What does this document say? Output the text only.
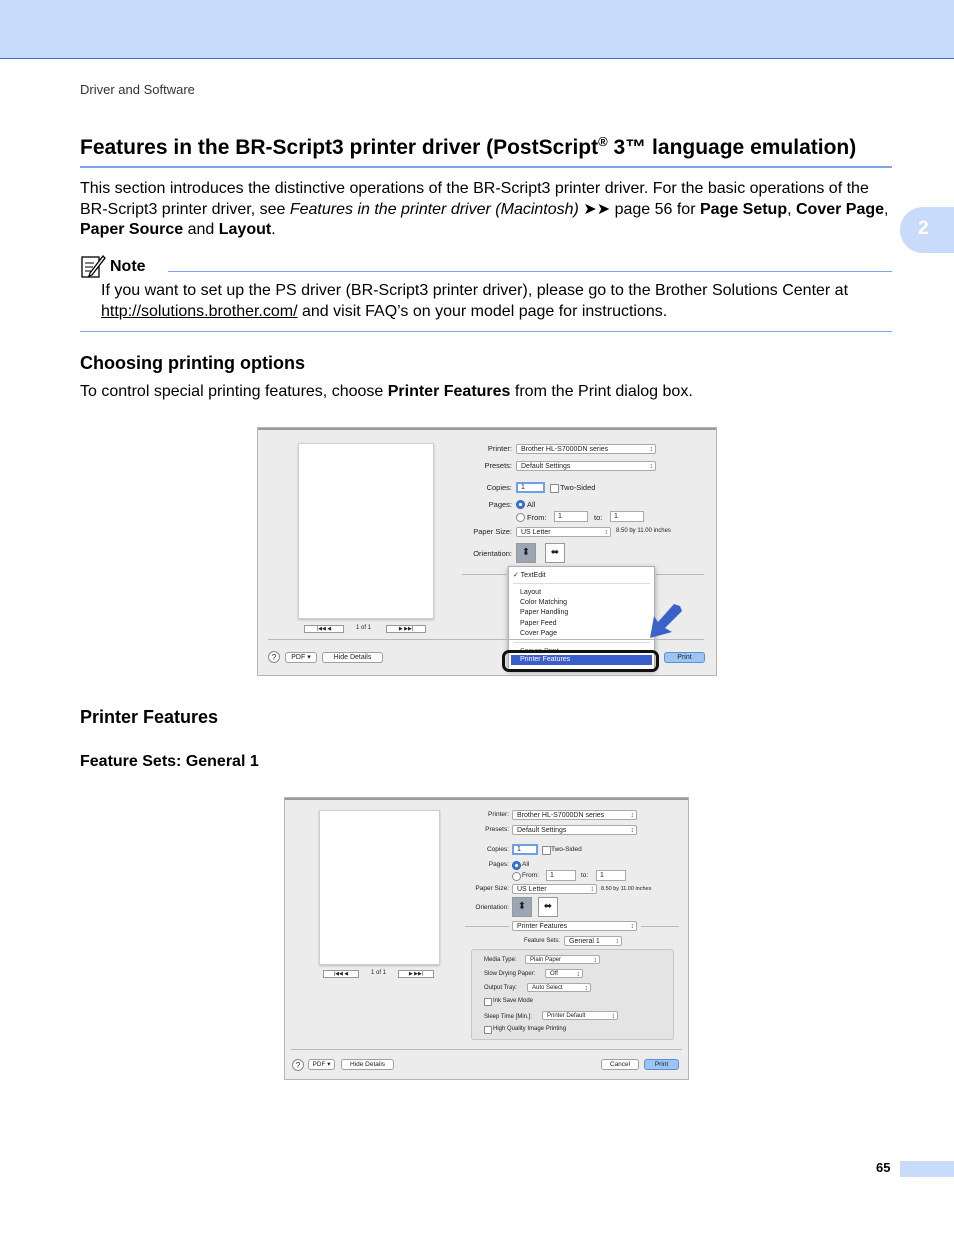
Driver and Software
Features in the BR-Script3 printer driver (PostScript® 3™ language emulation)
This section introduces the distinctive operations of the BR-Script3 printer driver. For the basic operations of the BR-Script3 printer driver, see Features in the printer driver (Macintosh) ➤➤ page 56 for Page Setup, Cover Page, Paper Source and Layout.	2
Note
If you want to set up the PS driver (BR-Script3 printer driver), please go to the Brother Solutions Center at http://solutions.brother.com/ and visit FAQ’s on your model page for instructions.
Choosing printing options
To control special printing features, choose Printer Features from the Print dialog box.
|◀◀ ◀	1 of 1	▶ ▶▶|
Printer:	Brother HL-S7000DN series ↕
Presets:	Default Settings ↕
Copies:	1	Two-Sided
Pages: All
From:	1	to:	1
Paper Size:	US Letter ↕	8.50 by 11.00 inches
Orientation: ⬍	⬌
✓ TextEdit
Layout
Color Matching
Paper Handling
Paper Feed
Cover Page
Secure Print
Printer Features
?	PDF ▾	Hide Details	Print
Printer Features
Feature Sets: General 1
|◀◀ ◀	1 of 1	▶ ▶▶|
Printer:	Brother HL-S7000DN series ↕
Presets:	Default Settings ↕
Copies:	1	Two-Sided
Pages: All
From:	1	to:	1
Paper Size:	US Letter ↕	8.50 by 11.00 inches
Orientation: ⬍	⬌
Printer Features ↕
Feature Sets:	General 1 ↕
Media Type:	Plain Paper ↕
Slow Drying Paper:	Off ↕
Output Tray:	Auto Select ↕
Ink Save Mode
Sleep Time [Min.]:	Printer Default ↕
High Quality Image Printing
?	PDF ▾	Hide Details	Cancel	Print
65
